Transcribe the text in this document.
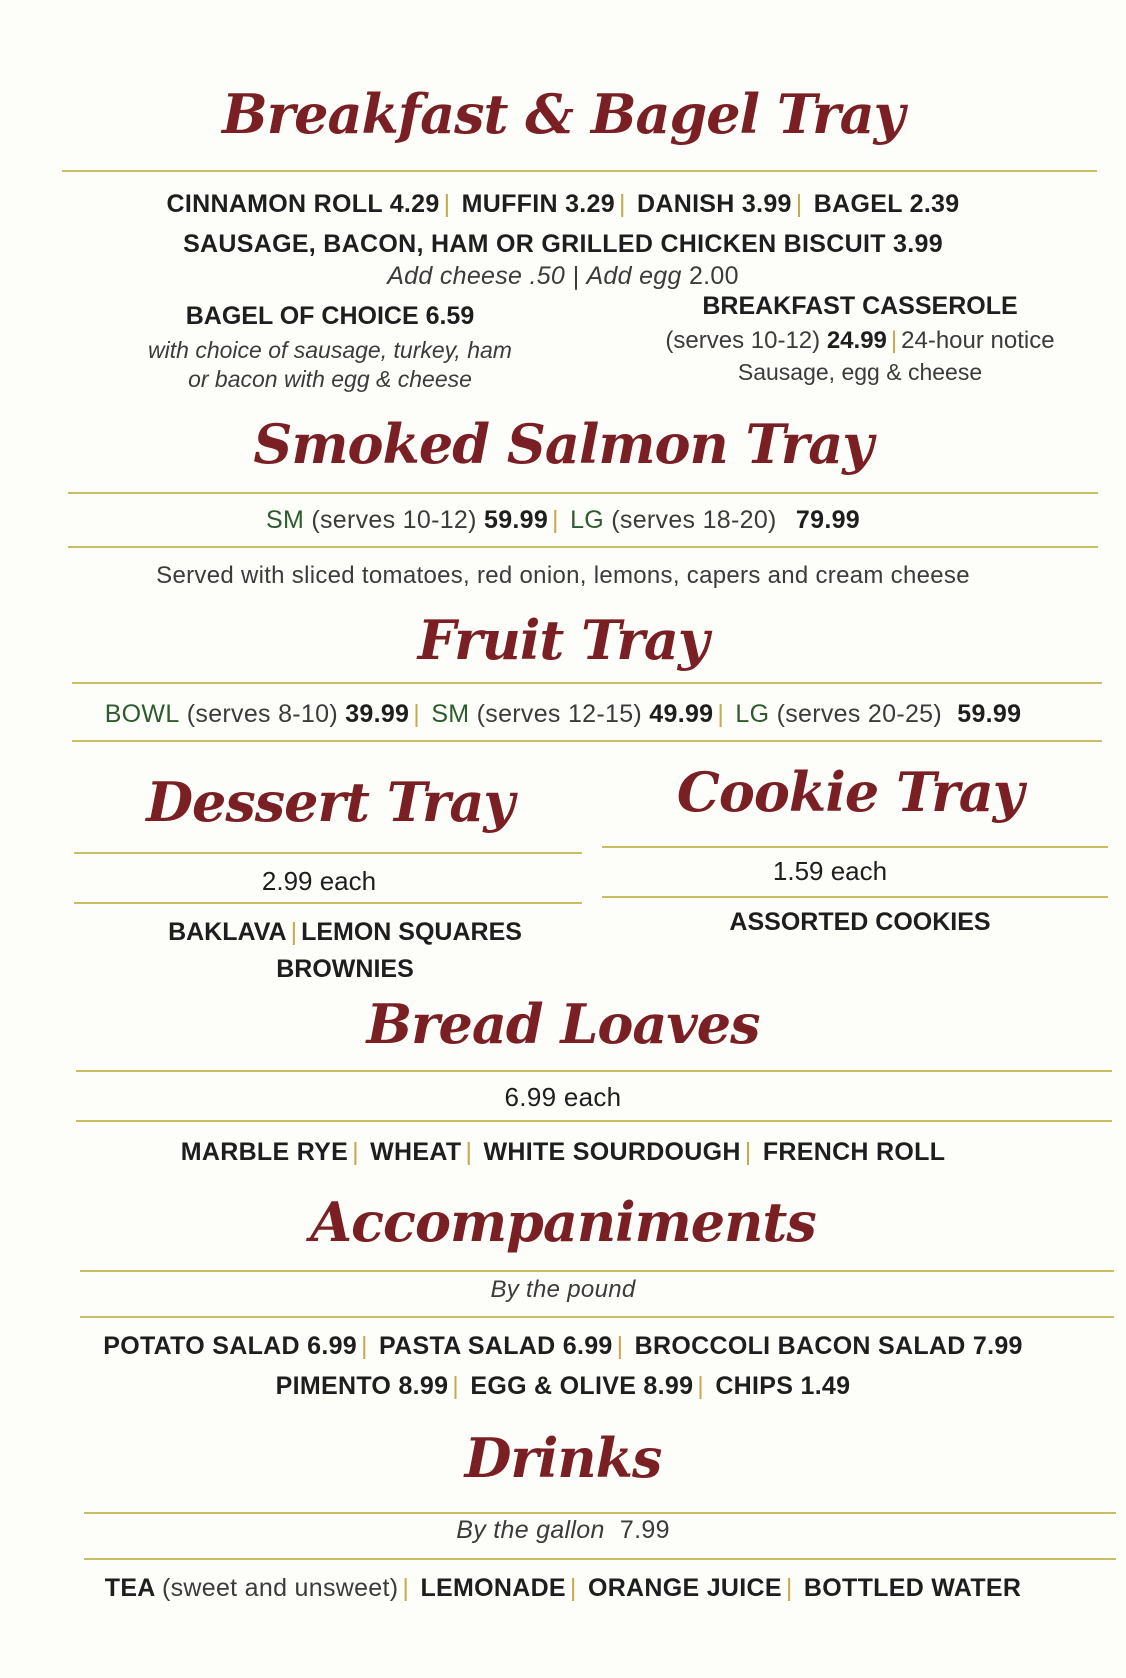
Breakfast & Bagel Tray
CINNAMON ROLL 4.29 | MUFFIN 3.29 | DANISH 3.99 | BAGEL 2.39
SAUSAGE, BACON, HAM OR GRILLED CHICKEN BISCUIT 3.99
Add cheese .50 | Add egg 2.00
BAGEL OF CHOICE 6.59
with choice of sausage, turkey, ham
or bacon with egg & cheese
BREAKFAST CASSEROLE
(serves 10-12) 24.99 | 24-hour notice
Sausage, egg & cheese
Smoked Salmon Tray
SM (serves 10-12) 59.99 | LG (serves 18-20) 79.99
Served with sliced tomatoes, red onion, lemons, capers and cream cheese
Fruit Tray
BOWL (serves 8-10) 39.99 | SM (serves 12-15) 49.99 | LG (serves 20-25) 59.99
Dessert Tray	Cookie Tray
2.99 each	1.59 each
BAKLAVA | LEMON SQUARES
BROWNIES
ASSORTED COOKIES
Bread Loaves
6.99 each
MARBLE RYE | WHEAT | WHITE SOURDOUGH | FRENCH ROLL
Accompaniments
By the pound
POTATO SALAD 6.99 | PASTA SALAD 6.99 | BROCCOLI BACON SALAD 7.99
PIMENTO 8.99 | EGG & OLIVE 8.99 | CHIPS 1.49
Drinks
By the gallon 7.99
TEA (sweet and unsweet) | LEMONADE | ORANGE JUICE | BOTTLED WATER
